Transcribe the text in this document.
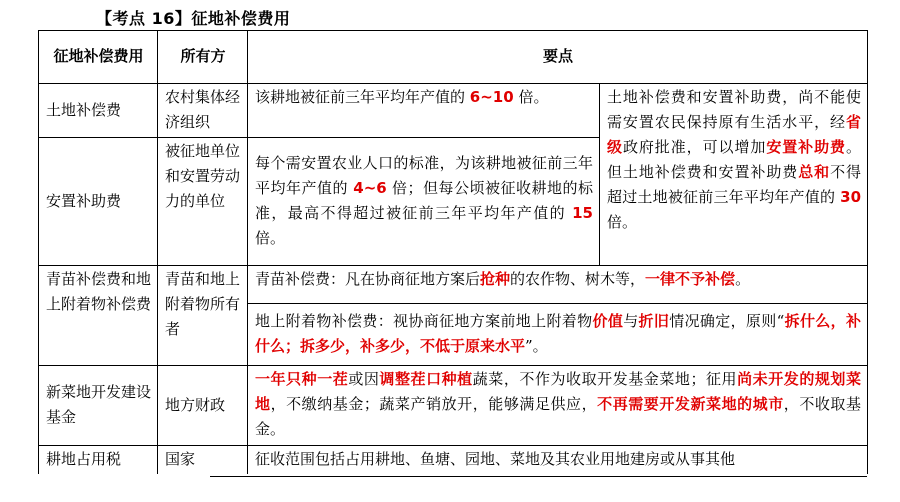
【考点 16】征地补偿费用
征地补偿费用	所有方	要点	
土地补偿费	农村集体经济组织	该耕地被征前三年平均年产值的 6~10 倍。	土地补偿费和安置补助费，尚不能使需安置农民保持原有生活水平，经省级政府批准，可以增加安置补助费。但土地补偿费和安置补助费总和不得超过土地被征前三年平均年产值的 30 倍。
安置补助费	被征地单位和安置劳动力的单位	每个需安置农业人口的标准，为该耕地被征前三年平均年产值的 4~6 倍；但每公顷被征收耕地的标准，最高不得超过被征前三年平均年产值的 15 倍。	
青苗补偿费和地上附着物补偿费	青苗和地上附着物所有者	青苗补偿费：凡在协商征地方案后抢种的农作物、树木等，一律不予补偿。	
		地上附着物补偿费：视协商征地方案前地上附着物价值与折旧情况确定，原则“拆什么，补什么；拆多少，补多少，不低于原来水平”。	
新菜地开发建设基金	地方财政	一年只种一茬或因调整茬口种植蔬菜，不作为收取开发基金菜地；征用尚未开发的规划菜地，不缴纳基金；蔬菜产销放开，能够满足供应，不再需要开发新菜地的城市，不收取基金。	
耕地占用税	国家	征收范围包括占用耕地、鱼塘、园地、菜地及其农业用地建房或从事其他	
